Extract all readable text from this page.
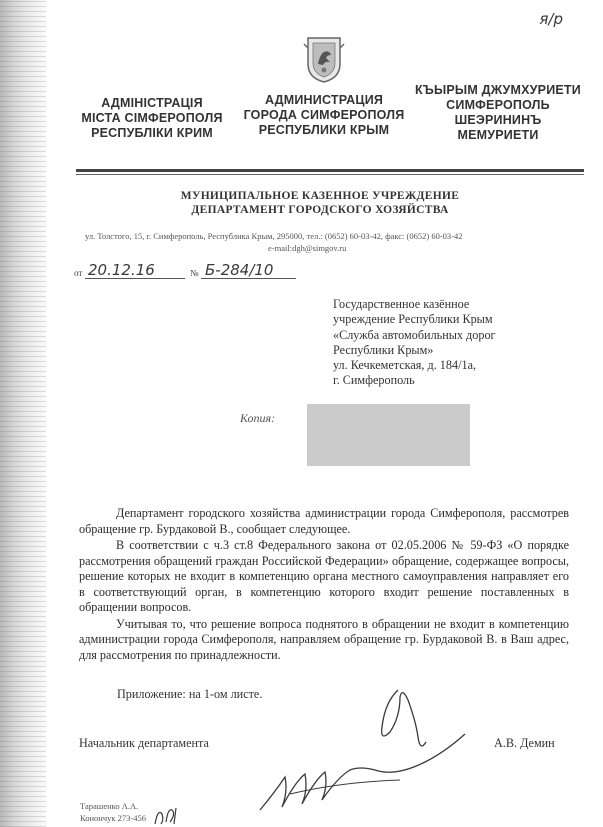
я/р
АДМІНІСТРАЦІЯ
МІСТА СІМФЕРОПОЛЯ
РЕСПУБЛІКИ КРИМ
АДМИНИСТРАЦИЯ
ГОРОДА СИМФЕРОПОЛЯ
РЕСПУБЛИКИ КРЫМ
КЪЫРЫМ ДЖУМХУРИЕТИ
СИМФЕРОПОЛЬ
ШЕЭРИНИНЪ
МЕМУРИЕТИ
МУНИЦИПАЛЬНОЕ КАЗЕННОЕ УЧРЕЖДЕНИЕ
ДЕПАРТАМЕНТ ГОРОДСКОГО ХОЗЯЙСТВА
ул. Толстого, 15, г. Симферополь, Республика Крым, 295000, тел.: (0652) 60-03-42, факс: (0652) 60-03-42
e-mail:dgh@simgov.ru
от 20.12.16	№ Б-284/10
Государственное казённое
учреждение Республики Крым
«Служба автомобильных дорог
Республики Крым»
ул. Кечкеметская, д. 184/1а,
г. Симферополь
Копия:

Департамент городского хозяйства администрации города Симферополя, рассмотрев обращение гр. Бурдаковой В., сообщает следующее.

В соответствии с ч.3 ст.8 Федерального закона от 02.05.2006 № 59-ФЗ «О порядке рассмотрения обращений граждан Российской Федерации» обращение, содержащее вопросы, решение которых не входит в компетенцию органа местного самоуправления направляет его в соответствующий орган, в компетенцию которого входит решение поставленных в обращении вопросов.

Учитывая то, что решение вопроса поднятого в обращении не входит в компетенцию администрации города Симферополя, направляем обращение гр. Бурдаковой В. в Ваш адрес, для рассмотрения по принадлежности.

Приложение: на 1-ом листе.
Начальник департамента	А.В. Демин
Тарашенко А.А.
Конончук 273-456
